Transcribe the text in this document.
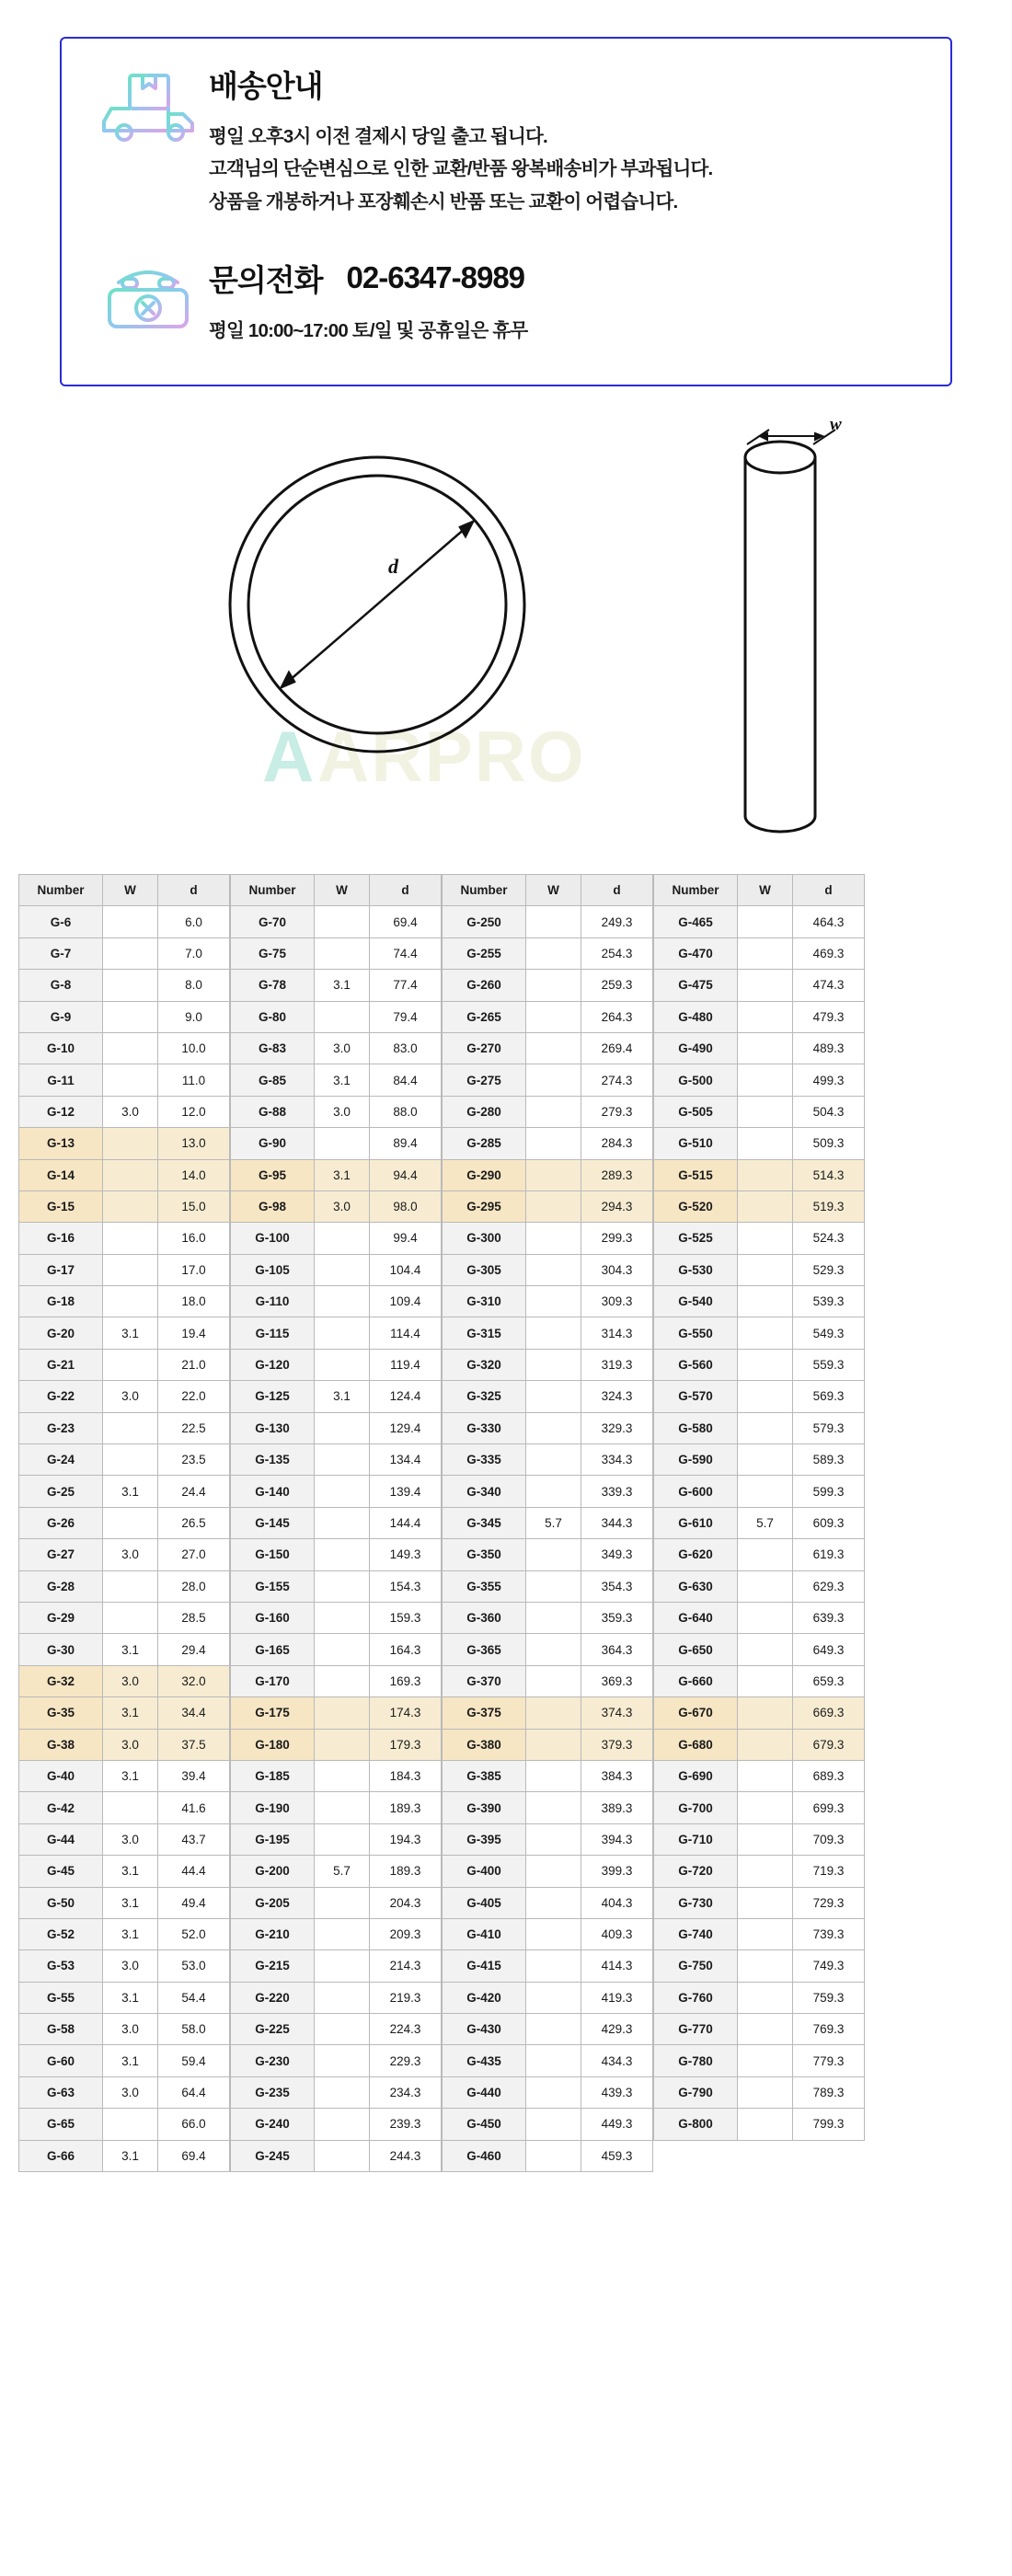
배송안내
평일 오후3시 이전 결제시 당일 출고 됩니다.
고객님의 단순변심으로 인한 교환/반품 왕복배송비가 부과됩니다.
상품을 개봉하거나 포장훼손시 반품 또는 교환이 어렵습니다.
문의전화 02-6347-8989
평일 10:00~17:00 토/일 및 공휴일은 휴무
A ARPRO
d
w
Number	W	d
G-6		6.0
G-7		7.0
G-8		8.0
G-9		9.0
G-10		10.0
G-11		11.0
G-12	3.0	12.0
G-13		13.0
G-14		14.0
G-15		15.0
G-16		16.0
G-17		17.0
G-18		18.0
G-20	3.1	19.4
G-21		21.0
G-22	3.0	22.0
G-23		22.5
G-24		23.5
G-25	3.1	24.4
G-26		26.5
G-27	3.0	27.0
G-28		28.0
G-29		28.5
G-30	3.1	29.4
G-32	3.0	32.0
G-35	3.1	34.4
G-38	3.0	37.5
G-40	3.1	39.4
G-42		41.6
G-44	3.0	43.7
G-45	3.1	44.4
G-50	3.1	49.4
G-52	3.1	52.0
G-53	3.0	53.0
G-55	3.1	54.4
G-58	3.0	58.0
G-60	3.1	59.4
G-63	3.0	64.4
G-65		66.0
G-66	3.1	69.4
Number	W	d
G-70		69.4
G-75		74.4
G-78	3.1	77.4
G-80		79.4
G-83	3.0	83.0
G-85	3.1	84.4
G-88	3.0	88.0
G-90		89.4
G-95	3.1	94.4
G-98	3.0	98.0
G-100		99.4
G-105		104.4
G-110		109.4
G-115		114.4
G-120		119.4
G-125	3.1	124.4
G-130		129.4
G-135		134.4
G-140		139.4
G-145		144.4
G-150		149.3
G-155		154.3
G-160		159.3
G-165		164.3
G-170		169.3
G-175		174.3
G-180		179.3
G-185		184.3
G-190		189.3
G-195		194.3
G-200	5.7	189.3
G-205		204.3
G-210		209.3
G-215		214.3
G-220		219.3
G-225		224.3
G-230		229.3
G-235		234.3
G-240		239.3
G-245		244.3
Number	W	d
G-250		249.3
G-255		254.3
G-260		259.3
G-265		264.3
G-270		269.4
G-275		274.3
G-280		279.3
G-285		284.3
G-290		289.3
G-295		294.3
G-300		299.3
G-305		304.3
G-310		309.3
G-315		314.3
G-320		319.3
G-325		324.3
G-330		329.3
G-335		334.3
G-340		339.3
G-345	5.7	344.3
G-350		349.3
G-355		354.3
G-360		359.3
G-365		364.3
G-370		369.3
G-375		374.3
G-380		379.3
G-385		384.3
G-390		389.3
G-395		394.3
G-400		399.3
G-405		404.3
G-410		409.3
G-415		414.3
G-420		419.3
G-430		429.3
G-435		434.3
G-440		439.3
G-450		449.3
G-460		459.3
Number	W	d
G-465		464.3
G-470		469.3
G-475		474.3
G-480		479.3
G-490		489.3
G-500		499.3
G-505		504.3
G-510		509.3
G-515		514.3
G-520		519.3
G-525		524.3
G-530		529.3
G-540		539.3
G-550		549.3
G-560		559.3
G-570		569.3
G-580		579.3
G-590		589.3
G-600		599.3
G-610	5.7	609.3
G-620		619.3
G-630		629.3
G-640		639.3
G-650		649.3
G-660		659.3
G-670		669.3
G-680		679.3
G-690		689.3
G-700		699.3
G-710		709.3
G-720		719.3
G-730		729.3
G-740		739.3
G-750		749.3
G-760		759.3
G-770		769.3
G-780		779.3
G-790		789.3
G-800		799.3
